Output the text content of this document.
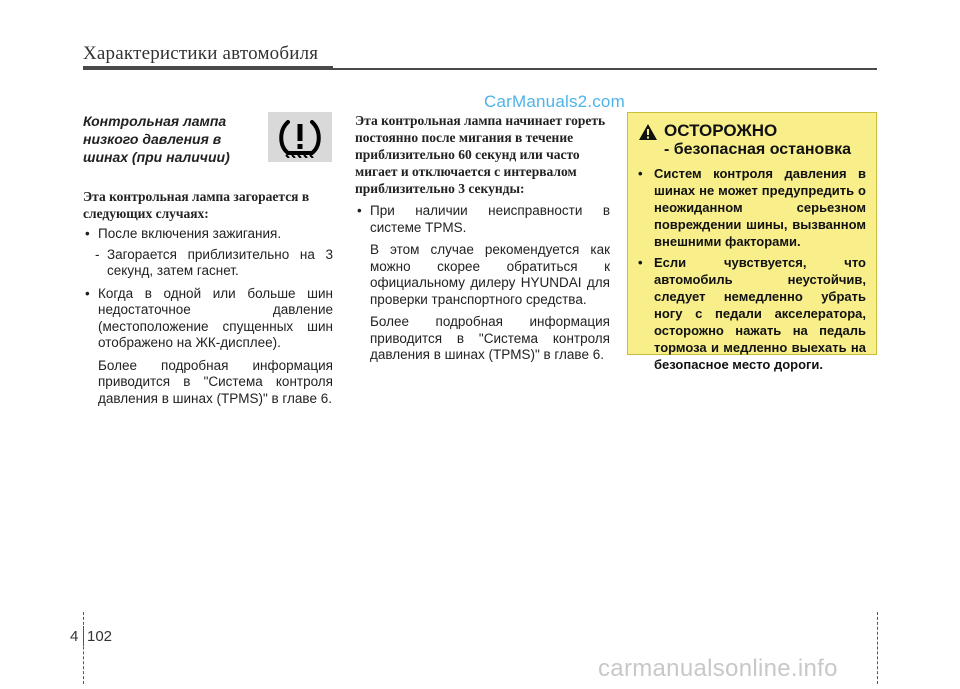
Характеристики автомобиля
CarManuals2.com
Контрольная лампа низкого давления в шинах (при наличии)
Эта контрольная лампа загорается в следующих случаях:
• После включения зажигания.
- Загорается приблизительно на 3 секунд, затем гаснет.
• Когда в одной или больше шин недостаточное давление (местоположение спущенных шин отображено на ЖК-дисплее).
Более подробная информация приводится в "Система контроля давления в шинах (TPMS)" в главе 6.
Эта контрольная лампа начинает гореть постоянно после мигания в течение приблизительно 60 секунд или часто мигает и отключается с интервалом приблизительно 3 секунды:
• При наличии неисправности в системе TPMS.
В этом случае рекомендуется как можно скорее обратиться к официальному дилеру HYUNDAI для проверки транспортного средства.
Более подробная информация приводится в "Система контроля давления в шинах (TPMS)" в главе 6.
ОСТОРОЖНО
- безопасная остановка
• Систем контроля давления в шинах не может предупредить о неожиданном серьезном повреждении шины, вызванном внешними факторами.
• Если чувствуется, что автомобиль неустойчив, следует немедленно убрать ногу с педали акселератора, осторожно нажать на педаль тормоза и медленно выехать на безопасное место дороги.
4 102
carmanualsonline.info
